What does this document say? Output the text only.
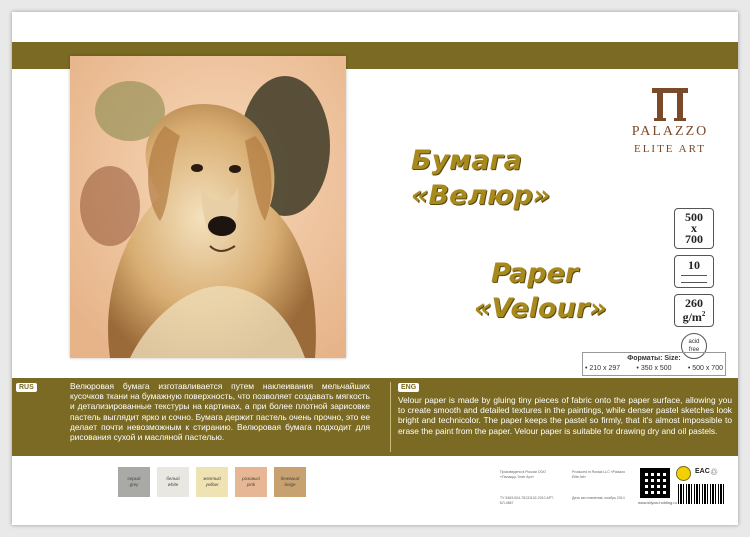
PALAZZO
ELITE ART
Бумага
«Велюр»
Paper
«Velour»
500
x
700
10
260
$g/m^2$
acid
free
Форматы: Size:
• 210 x 297 • 350 x 500 • 500 x 700
RUS	Велюровая бумага изготавливается путем наклеивания мельчайших кусочков ткани на бумажную поверхность, что позволяет создавать мягкость и детализированные текстуры на картинах, а при более плотной зарисовке пастель выглядит ярко и сочно. Бумага держит пастель очень прочно, это ее делает почти невозможным к стиранию. Велюровая бумага подходит для рисования сухой и масляной пастелью.
ENG
Velour paper is made by gluing tiny pieces of fabric onto the paper surface, allowing you to create smooth and detailed textures in the paintings, while denser pastel sketches look bright and technicolor. The paper keeps the pastel so firmly, that it's almost impossible to erase the paint from the paper. Velour paper is suitable for drawing dry and oil pastels.
серый
grey
белый
white
желтый
yellow
розовый
pink
бежевый
beige
Произведено в России ООО «Палаццо Элит Арт»
Produced in Russia LLC «Palazzo Elite Art»
ТУ 5463-004-78131102-2010 АРТ. БЛ-4867
Дата изготовления: ноябрь 2014
EAC ♲
www.kityan-holding.ru
